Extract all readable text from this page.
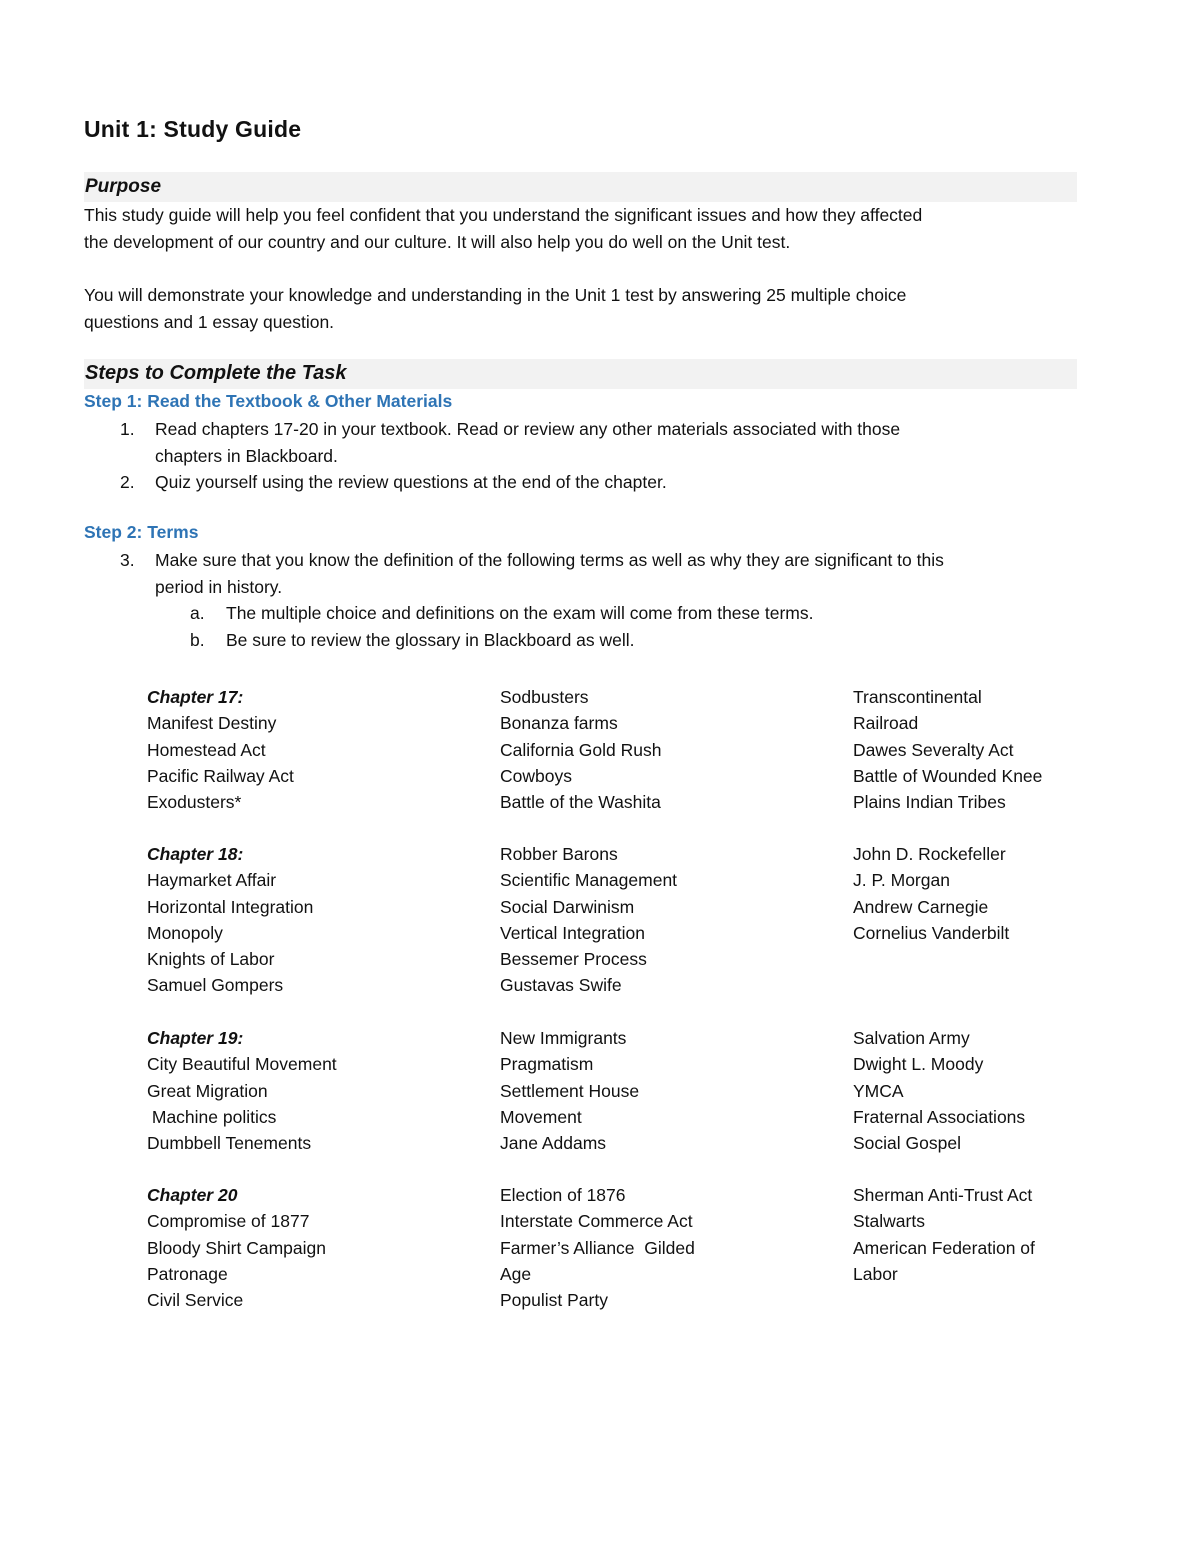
Unit 1: Study Guide
Purpose
This study guide will help you feel confident that you understand the significant issues and how they affected
the development of our country and our culture. It will also help you do well on the Unit test.
You will demonstrate your knowledge and understanding in the Unit 1 test by answering 25 multiple choice
questions and 1 essay question.
Steps to Complete the Task
Step 1: Read the Textbook & Other Materials
1. Read chapters 17-20 in your textbook. Read or review any other materials associated with those
chapters in Blackboard.
2. Quiz yourself using the review questions at the end of the chapter.
Step 2: Terms
3. Make sure that you know the definition of the following terms as well as why they are significant to this
period in history.
a. The multiple choice and definitions on the exam will come from these terms.
b. Be sure to review the glossary in Blackboard as well.
Chapter 17:
Manifest Destiny
Homestead Act
Pacific Railway Act
Exodusters*
Sodbusters
Bonanza farms
California Gold Rush
Cowboys
Battle of the Washita
Transcontinental
Railroad
Dawes Severalty Act
Battle of Wounded Knee
Plains Indian Tribes
Chapter 18:
Haymarket Affair
Horizontal Integration
Monopoly
Knights of Labor
Samuel Gompers
Robber Barons
Scientific Management
Social Darwinism
Vertical Integration
Bessemer Process
Gustavas Swife
John D. Rockefeller
J. P. Morgan
Andrew Carnegie
Cornelius Vanderbilt
Chapter 19:
City Beautiful Movement
Great Migration
Machine politics
Dumbbell Tenements
New Immigrants
Pragmatism
Settlement House
Movement
Jane Addams
Salvation Army
Dwight L. Moody
YMCA
Fraternal Associations
Social Gospel
Chapter 20
Compromise of 1877
Bloody Shirt Campaign
Patronage
Civil Service
Election of 1876
Interstate Commerce Act
Farmer’s Alliance  Gilded
Age
Populist Party
Sherman Anti-Trust Act
Stalwarts
American Federation of
Labor
